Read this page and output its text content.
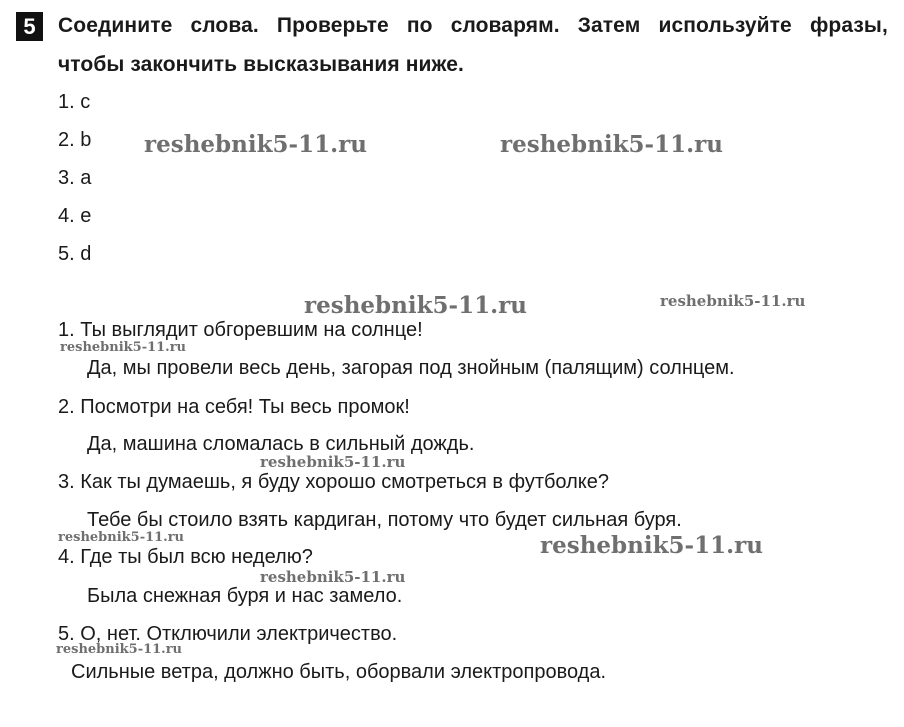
5 Соедините слова. Проверьте по словарям. Затем используйте фразы,
чтобы закончить высказывания ниже.
1. c
2. b
3. a
4. e
5. d
1. Ты выглядит обгоревшим на солнце!
Да, мы провели весь день, загорая под знойным (палящим) солнцем.
2. Посмотри на себя! Ты весь промок!
Да, машина сломалась в сильный дождь.
3. Как ты думаешь, я буду хорошо смотреться в футболке?
Тебе бы стоило взять кардиган, потому что будет сильная буря.
4. Где ты был всю неделю?
Была снежная буря и нас замело.
5. О, нет. Отключили электричество.
Сильные ветра, должно быть, оборвали электропровода.
reshebnik5-11.ru	reshebnik5-11.ru
reshebnik5-11.ru	reshebnik5-11.ru
reshebnik5-11.ru
reshebnik5-11.ru
reshebnik5-11.ru	reshebnik5-11.ru
reshebnik5-11.ru
reshebnik5-11.ru
